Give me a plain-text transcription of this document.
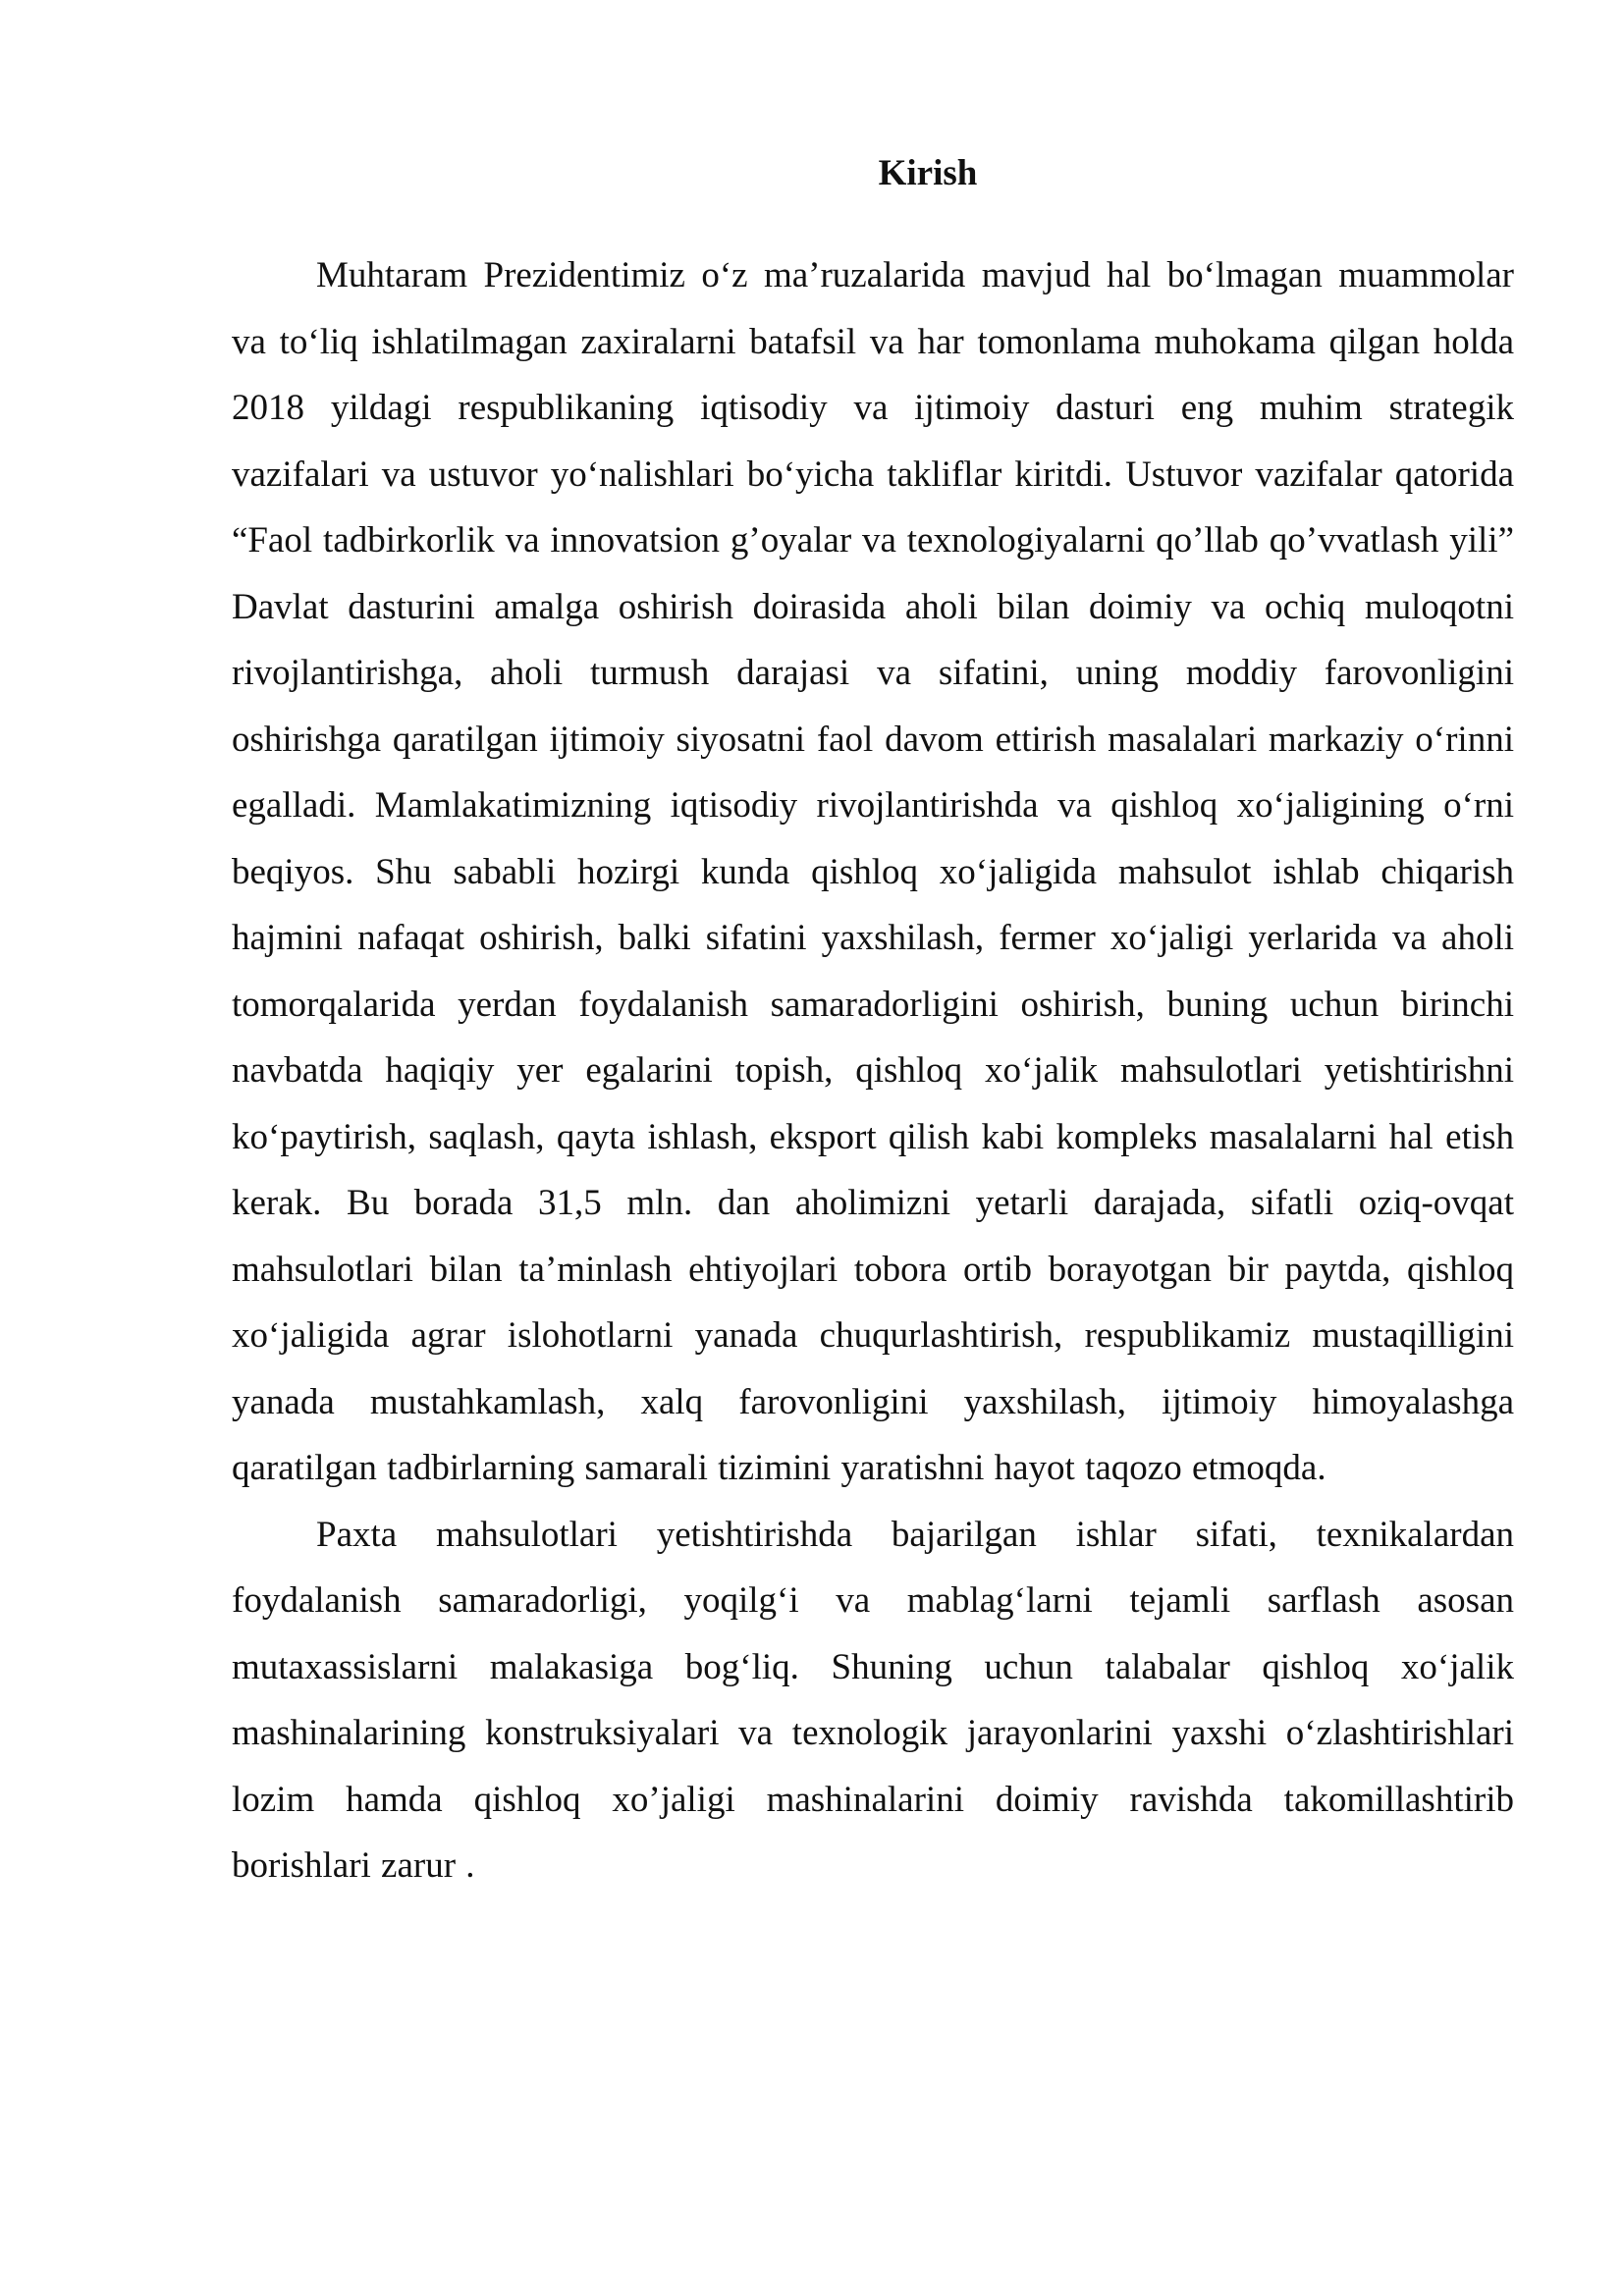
Kirish

Muhtaram Prezidentimiz o‘z ma’ruzalarida mavjud hal bo‘lmagan muammolar va to‘liq ishlatilmagan zaxiralarni batafsil va har tomonlama muhokama qilgan holda 2018 yildagi respublikaning iqtisodiy va ijtimoiy dasturi eng muhim strategik vazifalari va ustuvor yo‘nalishlari bo‘yicha takliflar kiritdi. Ustuvor vazifalar qatorida “Faol tadbirkorlik va innovatsion g’oyalar va texnologiyalarni qo’llab qo’vvatlash yili” Davlat dasturini amalga oshirish doirasida aholi bilan doimiy va ochiq muloqotni rivojlantirishga, aholi turmush darajasi va sifatini, uning moddiy farovonligini oshirishga qaratilgan ijtimoiy siyosatni faol davom ettirish masalalari markaziy o‘rinni egalladi. Mamlakatimizning iqtisodiy rivojlantirishda va qishloq xo‘jaligining o‘rni beqiyos. Shu sababli hozirgi kunda qishloq xo‘jaligida mahsulot ishlab chiqarish hajmini nafaqat oshirish, balki sifatini yaxshilash, fermer xo‘jaligi yerlarida va aholi tomorqalarida yerdan foydalanish samaradorligini oshirish, buning uchun birinchi navbatda haqiqiy yer egalarini topish, qishloq xo‘jalik mahsulotlari yetishtirishni ko‘paytirish, saqlash, qayta ishlash, eksport qilish kabi kompleks masalalarni hal etish kerak. Bu borada 31,5 mln. dan aholimizni yetarli darajada, sifatli oziq-ovqat mahsulotlari bilan ta’minlash ehtiyojlari tobora ortib borayotgan bir paytda, qishloq xo‘jaligida agrar islohotlarni yanada chuqurlashtirish, respublikamiz mustaqilligini yanada mustahkamlash, xalq farovonligini yaxshilash, ijtimoiy himoyalashga qaratilgan tadbirlarning samarali tizimini yaratishni hayot taqozo etmoqda.

Paxta mahsulotlari yetishtirishda bajarilgan ishlar sifati, texnikalardan foydalanish samaradorligi, yoqilg‘i va mablag‘larni tejamli sarflash asosan mutaxassislarni malakasiga bog‘liq. Shuning uchun talabalar qishloq xo‘jalik mashinalarining konstruksiyalari va texnologik jarayonlarini yaxshi o‘zlashtirishlari lozim hamda qishloq xo’jaligi mashinalarini doimiy ravishda takomillashtirib borishlari zarur .
